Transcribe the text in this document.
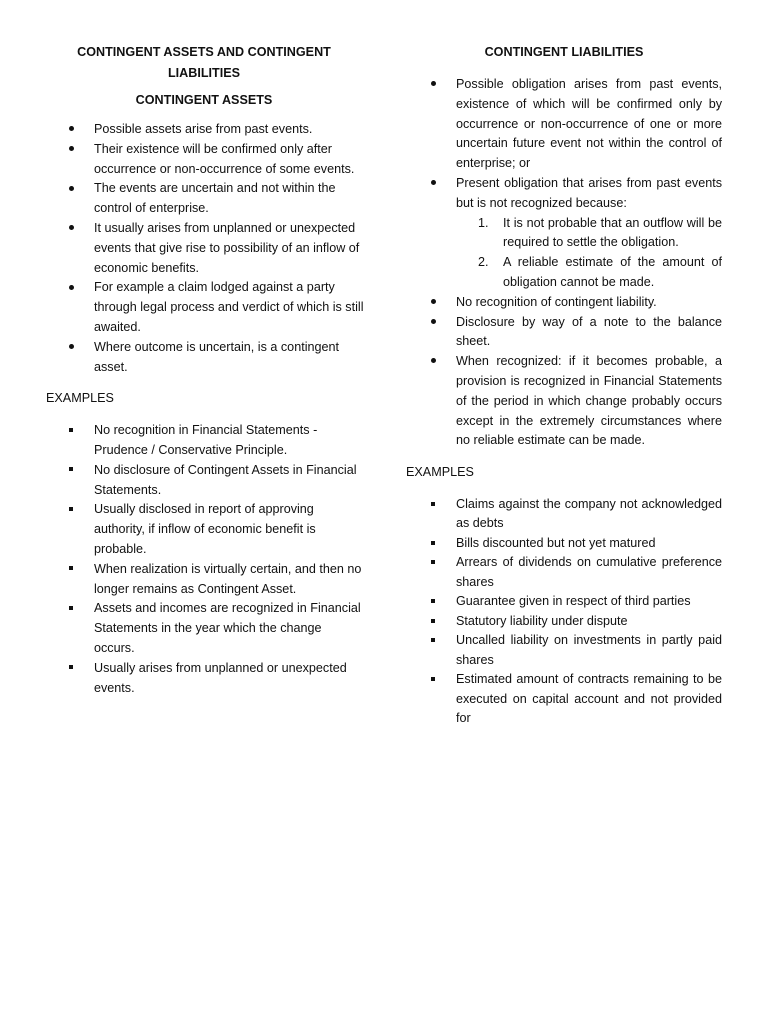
CONTINGENT ASSETS AND CONTINGENT LIABILITIES
CONTINGENT ASSETS
Possible assets arise from past events.
Their existence will be confirmed only after occurrence or non-occurrence of some events.
The events are uncertain and not within the control of enterprise.
It usually arises from unplanned or unexpected events that give rise to possibility of an inflow of economic benefits.
For example a claim lodged against a party through legal process and verdict of which is still awaited.
Where outcome is uncertain, is a contingent asset.
EXAMPLES
No recognition in Financial Statements - Prudence / Conservative Principle.
No disclosure of Contingent Assets in Financial Statements.
Usually disclosed in report of approving authority, if inflow of economic benefit is probable.
When realization is virtually certain, and then no longer remains as Contingent Asset.
Assets and incomes are recognized in Financial Statements in the year which the change occurs.
Usually arises from unplanned or unexpected events.
CONTINGENT LIABILITIES
Possible obligation arises from past events, existence of which will be confirmed only by occurrence or non-occurrence of one or more uncertain future event not within the control of enterprise; or
Present obligation that arises from past events but is not recognized because:
1. It is not probable that an outflow will be required to settle the obligation.
2. A reliable estimate of the amount of obligation cannot be made.
No recognition of contingent liability.
Disclosure by way of a note to the balance sheet.
When recognized: if it becomes probable, a provision is recognized in Financial Statements of the period in which change probably occurs except in the extremely circumstances where no reliable estimate can be made.
EXAMPLES
Claims against the company not acknowledged as debts
Bills discounted but not yet matured
Arrears of dividends on cumulative preference shares
Guarantee given in respect of third parties
Statutory liability under dispute
Uncalled liability on investments in partly paid shares
Estimated amount of contracts remaining to be executed on capital account and not provided for
